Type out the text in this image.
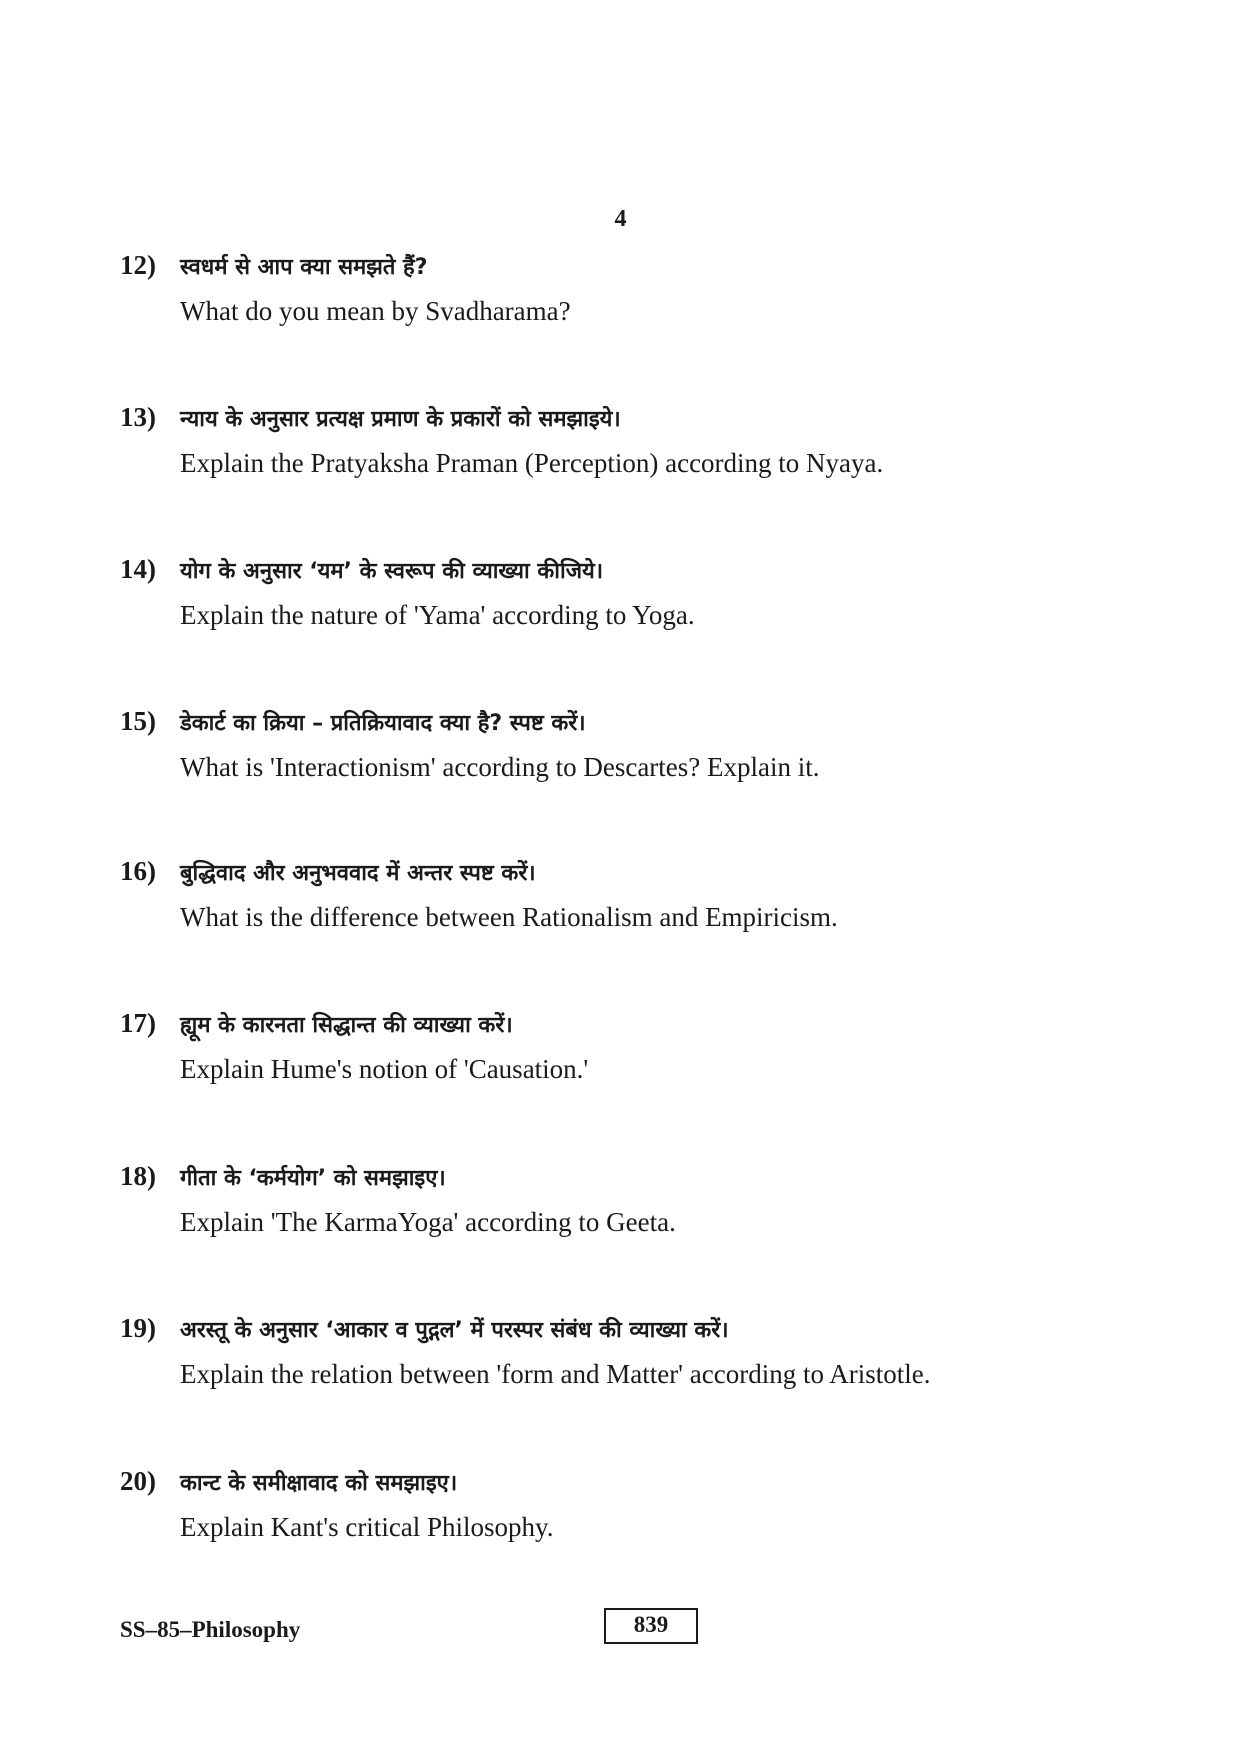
4
12) स्वधर्म से आप क्या समझते हैं?
What do you mean by Svadharama?
13) न्याय के अनुसार प्रत्यक्ष प्रमाण के प्रकारों को समझाइये।
Explain the Pratyaksha Praman (Perception) according to Nyaya.
14) योग के अनुसार ‘यम’ के स्वरूप की व्याख्या कीजिये।
Explain the nature of 'Yama' according to Yoga.
15) डेकार्ट का क्रिया – प्रतिक्रियावाद क्या है? स्पष्ट करें।
What is 'Interactionism' according to Descartes? Explain it.
16) बुद्धिवाद और अनुभववाद में अन्तर स्पष्ट करें।
What is the difference between Rationalism and Empiricism.
17) ह्यूम के कारनता सिद्धान्त की व्याख्या करें।
Explain Hume's notion of 'Causation.'
18) गीता के ‘कर्मयोग’ को समझाइए।
Explain 'The KarmaYoga' according to Geeta.
19) अरस्तू के अनुसार ‘आकार व पुद्गल’ में परस्पर संबंध की व्याख्या करें।
Explain the relation between 'form and Matter' according to Aristotle.
20) कान्ट के समीक्षावाद को समझाइए।
Explain Kant's critical Philosophy.
SS–85–Philosophy	839
